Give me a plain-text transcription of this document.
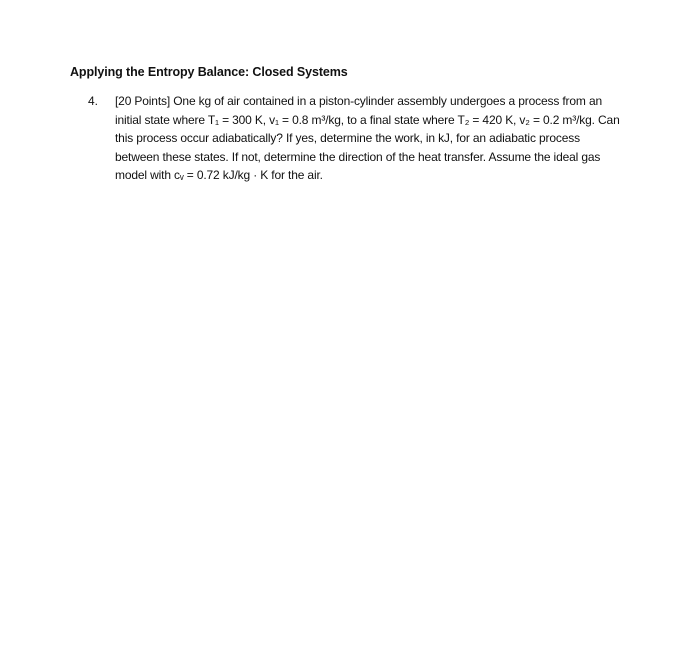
Applying the Entropy Balance: Closed Systems
4. [20 Points] One kg of air contained in a piston-cylinder assembly undergoes a process from an
initial state where T₁ = 300 K, v₁ = 0.8 m³/kg, to a final state where T₂ = 420 K, v₂ = 0.2 m³/kg. Can
this process occur adiabatically? If yes, determine the work, in kJ, for an adiabatic process
between these states. If not, determine the direction of the heat transfer. Assume the ideal gas
model with cᵥ = 0.72 kJ/kg · K for the air.
